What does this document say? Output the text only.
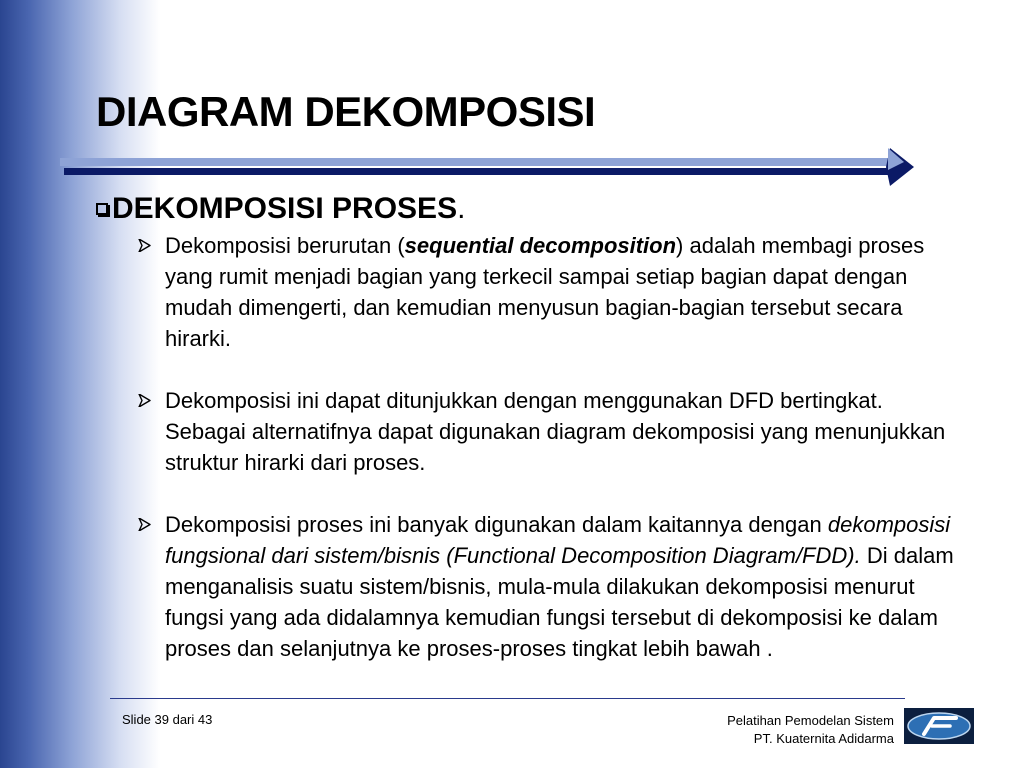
DIAGRAM DEKOMPOSISI
DEKOMPOSISI PROSES.
Dekomposisi berurutan (sequential decomposition) adalah membagi proses yang rumit menjadi bagian yang terkecil sampai setiap bagian dapat dengan mudah dimengerti, dan kemudian menyusun bagian-bagian tersebut secara hirarki.
Dekomposisi ini dapat ditunjukkan dengan menggunakan DFD bertingkat. Sebagai alternatifnya dapat digunakan diagram dekomposisi yang menunjukkan struktur hirarki dari proses.
Dekomposisi proses ini banyak digunakan dalam kaitannya dengan dekomposisi fungsional dari sistem/bisnis (Functional Decomposition Diagram/FDD). Di dalam menganalisis suatu sistem/bisnis, mula-mula dilakukan dekomposisi menurut fungsi yang ada didalamnya kemudian fungsi tersebut di dekomposisi ke dalam proses dan selanjutnya ke proses-proses tingkat lebih bawah .
Slide 39 dari 43	Pelatihan Pemodelan Sistem
PT. Kuaternita Adidarma
